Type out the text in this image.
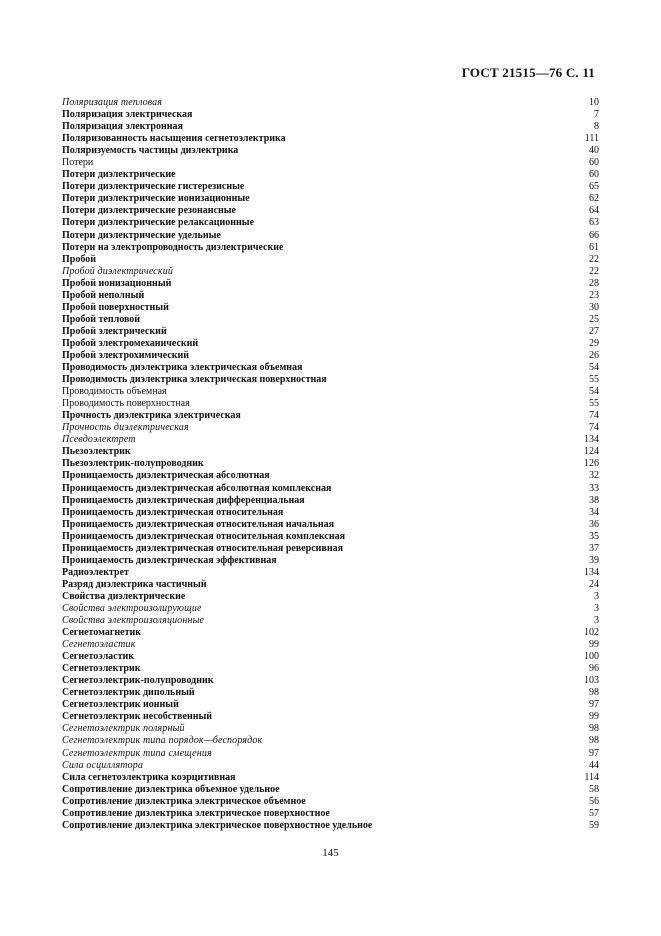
ГОСТ 21515—76 С. 11
Поляризация тепловая	10
Поляризация электрическая	7
Поляризация электронная	8
Поляризованность насыщения сегнетоэлектрика	111
Поляризуемость частицы диэлектрика	40
Потери	60
Потери диэлектрические	60
Потери диэлектрические гистерезисные	65
Потери диэлектрические ионизационные	62
Потери диэлектрические резонансные	64
Потери диэлектрические релаксационные	63
Потери диэлектрические удельные	66
Потери на электропроводность диэлектрические	61
Пробой	22
Пробой диэлектрический	22
Пробой ионизационный	28
Пробой неполный	23
Пробой поверхностный	30
Пробой тепловой	25
Пробой электрический	27
Пробой электромеханический	29
Пробой электрохимический	26
Проводимость диэлектрика электрическая объемная	54
Проводимость диэлектрика электрическая поверхностная	55
Проводимость объемная	54
Проводимость поверхностная	55
Прочность диэлектрика электрическая	74
Прочность диэлектрическая	74
Псевдоэлектрет	134
Пьезоэлектрик	124
Пьезоэлектрик-полупроводник	126
Проницаемость диэлектрическая абсолютная	32
Проницаемость диэлектрическая абсолютная комплексная	33
Проницаемость диэлектрическая дифференциальная	38
Проницаемость диэлектрическая относительная	34
Проницаемость диэлектрическая относительная начальная	36
Проницаемость диэлектрическая относительная комплексная	35
Проницаемость диэлектрическая относительная реверсивная	37
Проницаемость диэлектрическая эффективная	39
Радиоэлектрет	134
Разряд диэлектрика частичный	24
Свойства диэлектрические	3
Свойства электроизолирующие	3
Свойства электроизоляционные	3
Сегнетомагнетик	102
Сегнетоэластик	99
Сегнетоэластик	100
Сегнетоэлектрик	96
Сегнетоэлектрик-полупроводник	103
Сегнетоэлектрик дипольный	98
Сегнетоэлектрик ионный	97
Сегнетоэлектрик несобственный	99
Сегнетоэлектрик полярный	98
Сегнетоэлектрик типа порядок—беспорядок	98
Сегнетоэлектрик типа смещения	97
Сила осциллятора	44
Сила сегнетоэлектрика коэрцитивная	114
Сопротивление диэлектрика объемное удельное	58
Сопротивление диэлектрика электрическое объемное	56
Сопротивление диэлектрика электрическое поверхностное	57
Сопротивление диэлектрика электрическое поверхностное удельное	59
145
